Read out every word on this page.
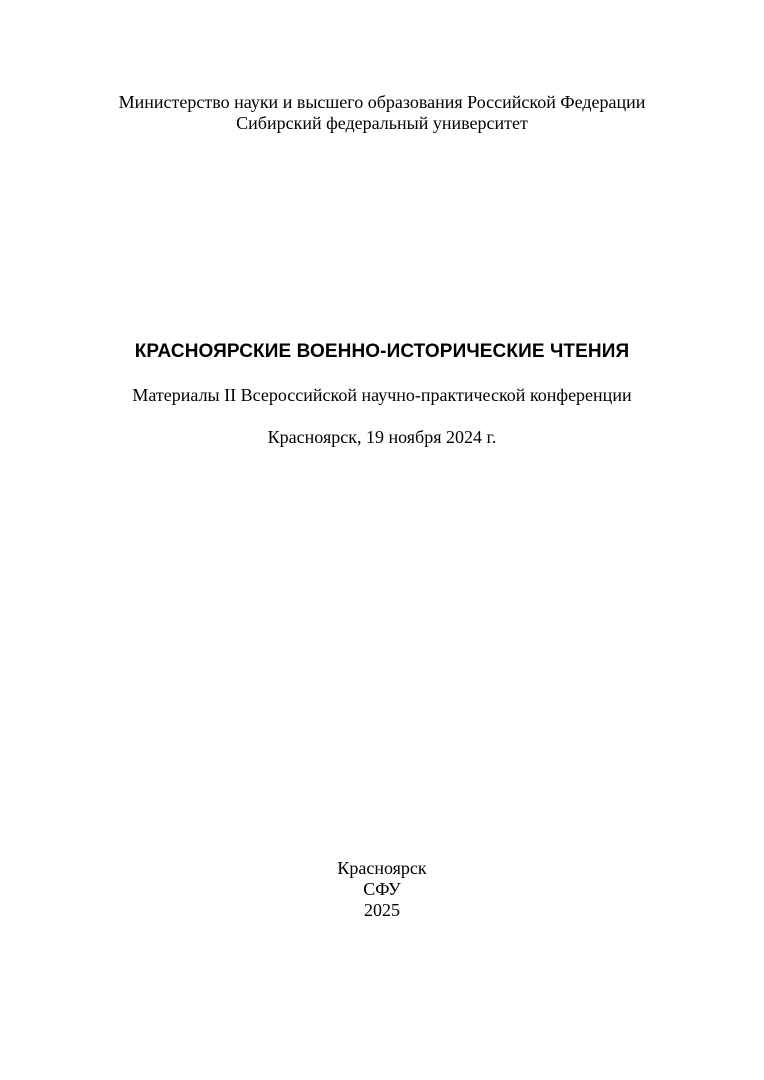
Министерство науки и высшего образования Российской Федерации
Сибирский федеральный университет
КРАСНОЯРСКИЕ ВОЕННО-ИСТОРИЧЕСКИЕ ЧТЕНИЯ
Материалы II Всероссийской научно-практической конференции
Красноярск, 19 ноября 2024 г.
Красноярск
СФУ
2025
